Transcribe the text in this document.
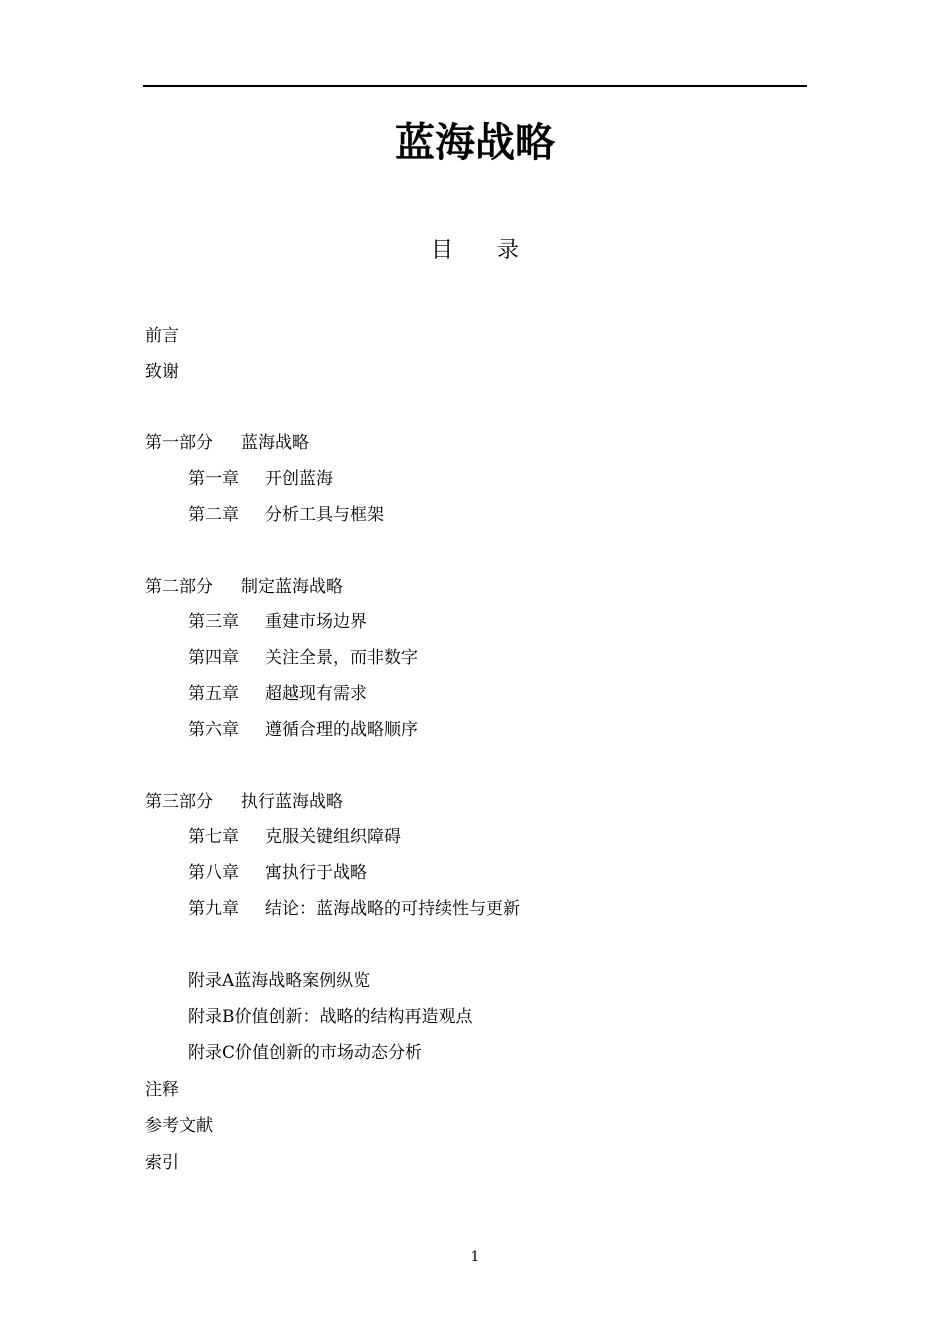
蓝海战略
目录
前言
致谢
第一部分 蓝海战略
第一章 开创蓝海
第二章 分析工具与框架
第二部分 制定蓝海战略
第三章 重建市场边界
第四章 关注全景，而非数字
第五章 超越现有需求
第六章 遵循合理的战略顺序
第三部分 执行蓝海战略
第七章 克服关键组织障碍
第八章 寓执行于战略
第九章 结论：蓝海战略的可持续性与更新
附录A蓝海战略案例纵览
附录B价值创新：战略的结构再造观点
附录C价值创新的市场动态分析
注释
参考文献
索引
1
